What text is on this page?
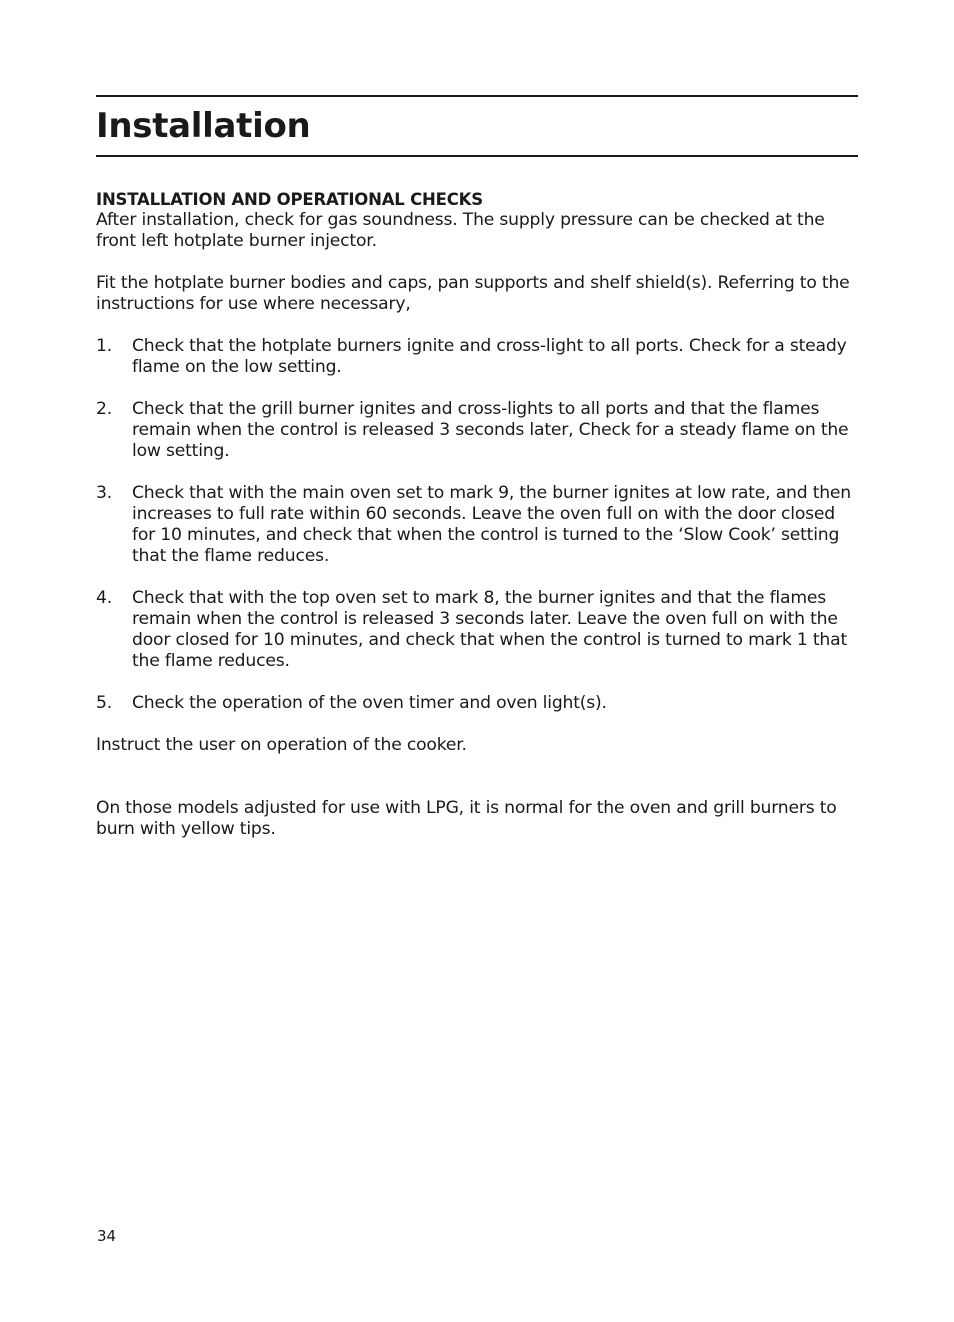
Installation
INSTALLATION AND OPERATIONAL CHECKS

After installation, check for gas soundness. The supply pressure can be checked at the front left hotplate burner injector.

Fit the hotplate burner bodies and caps, pan supports and shelf shield(s). Referring to the instructions for use where necessary,

1. Check that the hotplate burners ignite and cross-light to all ports. Check for a steady flame on the low setting.
2. Check that the grill burner ignites and cross-lights to all ports and that the flames remain when the control is released 3 seconds later, Check for a steady flame on the low setting.
3. Check that with the main oven set to mark 9, the burner ignites at low rate, and then increases to full rate within 60 seconds. Leave the oven full on with the door closed for 10 minutes, and check that when the control is turned to the ‘Slow Cook’ setting that the flame reduces.
4. Check that with the top oven set to mark 8, the burner ignites and that the flames remain when the control is released 3 seconds later. Leave the oven full on with the door closed for 10 minutes, and check that when the control is turned to mark 1 that the flame reduces.
5. Check the operation of the oven timer and oven light(s).

Instruct the user on operation of the cooker.

On those models adjusted for use with LPG, it is normal for the oven and grill burners to burn with yellow tips.

34
